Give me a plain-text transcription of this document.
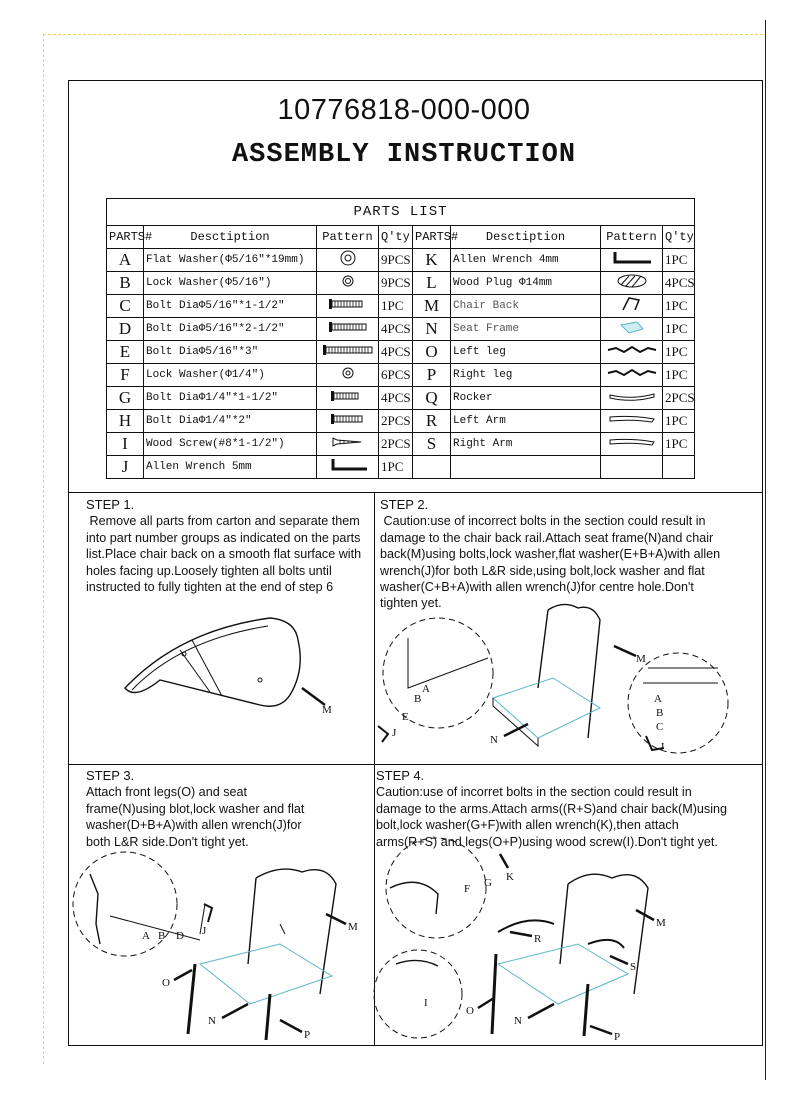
10776818-000-000
ASSEMBLY INSTRUCTION
PARTS LIST							
PARTS#	Desctiption	Pattern	Q'ty	PARTS#	Desctiption	Pattern	Q'ty
A	Flat Washer(Φ5/16"*19mm)		9PCS	K	Allen Wrench 4mm		1PC
B	Lock Washer(Φ5/16")		9PCS	L	Wood Plug Φ14mm		4PCS
C	Bolt DiaΦ5/16"*1-1/2"		1PC	M	Chair Back		1PC
D	Bolt DiaΦ5/16"*2-1/2"		4PCS	N	Seat Frame		1PC
E	Bolt DiaΦ5/16"*3"		4PCS	O	Left leg		1PC
F	Lock Washer(Φ1/4")		6PCS	P	Right leg		1PC
G	Bolt DiaΦ1/4"*1-1/2"		4PCS	Q	Rocker		2PCS
H	Bolt DiaΦ1/4"*2"		2PCS	R	Left Arm		1PC
I	Wood Screw(#8*1-1/2")		2PCS	S	Right Arm		1PC
J	Allen Wrench 5mm		1PC				
STEP 1.
Remove all parts from carton and separate them
into part number groups as indicated on the parts
list.Place chair back on a smooth flat surface with
holes facing up.Loosely tighten all bolts until
instructed to fully tighten at the end of step 6
M
STEP 2.
Caution:use of incorrect bolts in the section could result in
damage to the chair back rail.Attach seat frame(N)and chair
back(M)using bolts,lock washer,flat washer(E+B+A)with allen
wrench(J)for both L&R side,using bolt,lock washer and flat
washer(C+B+A)with allen wrench(J)for centre hole.Don't
tighten yet.
M
A
B
E
J
N
A
B
C
J
STEP 3.
Attach front legs(O) and seat
frame(N)using blot,lock washer and flat
washer(D+B+A)with allen wrench(J)for
both L&R side.Don't tight yet.
A B D J	M
O
N
P
STEP 4.
Caution:use of incorret bolts in the section could result in
damage to the arms.Attach arms((R+S)and chair back(M)using
bolt,lock washer(G+F)with allen wrench(K),then attach
arms(R+S) and legs(O+P)using wood screw(I).Don't tight yet.
F G K
M
R
S
I
O
N
P
